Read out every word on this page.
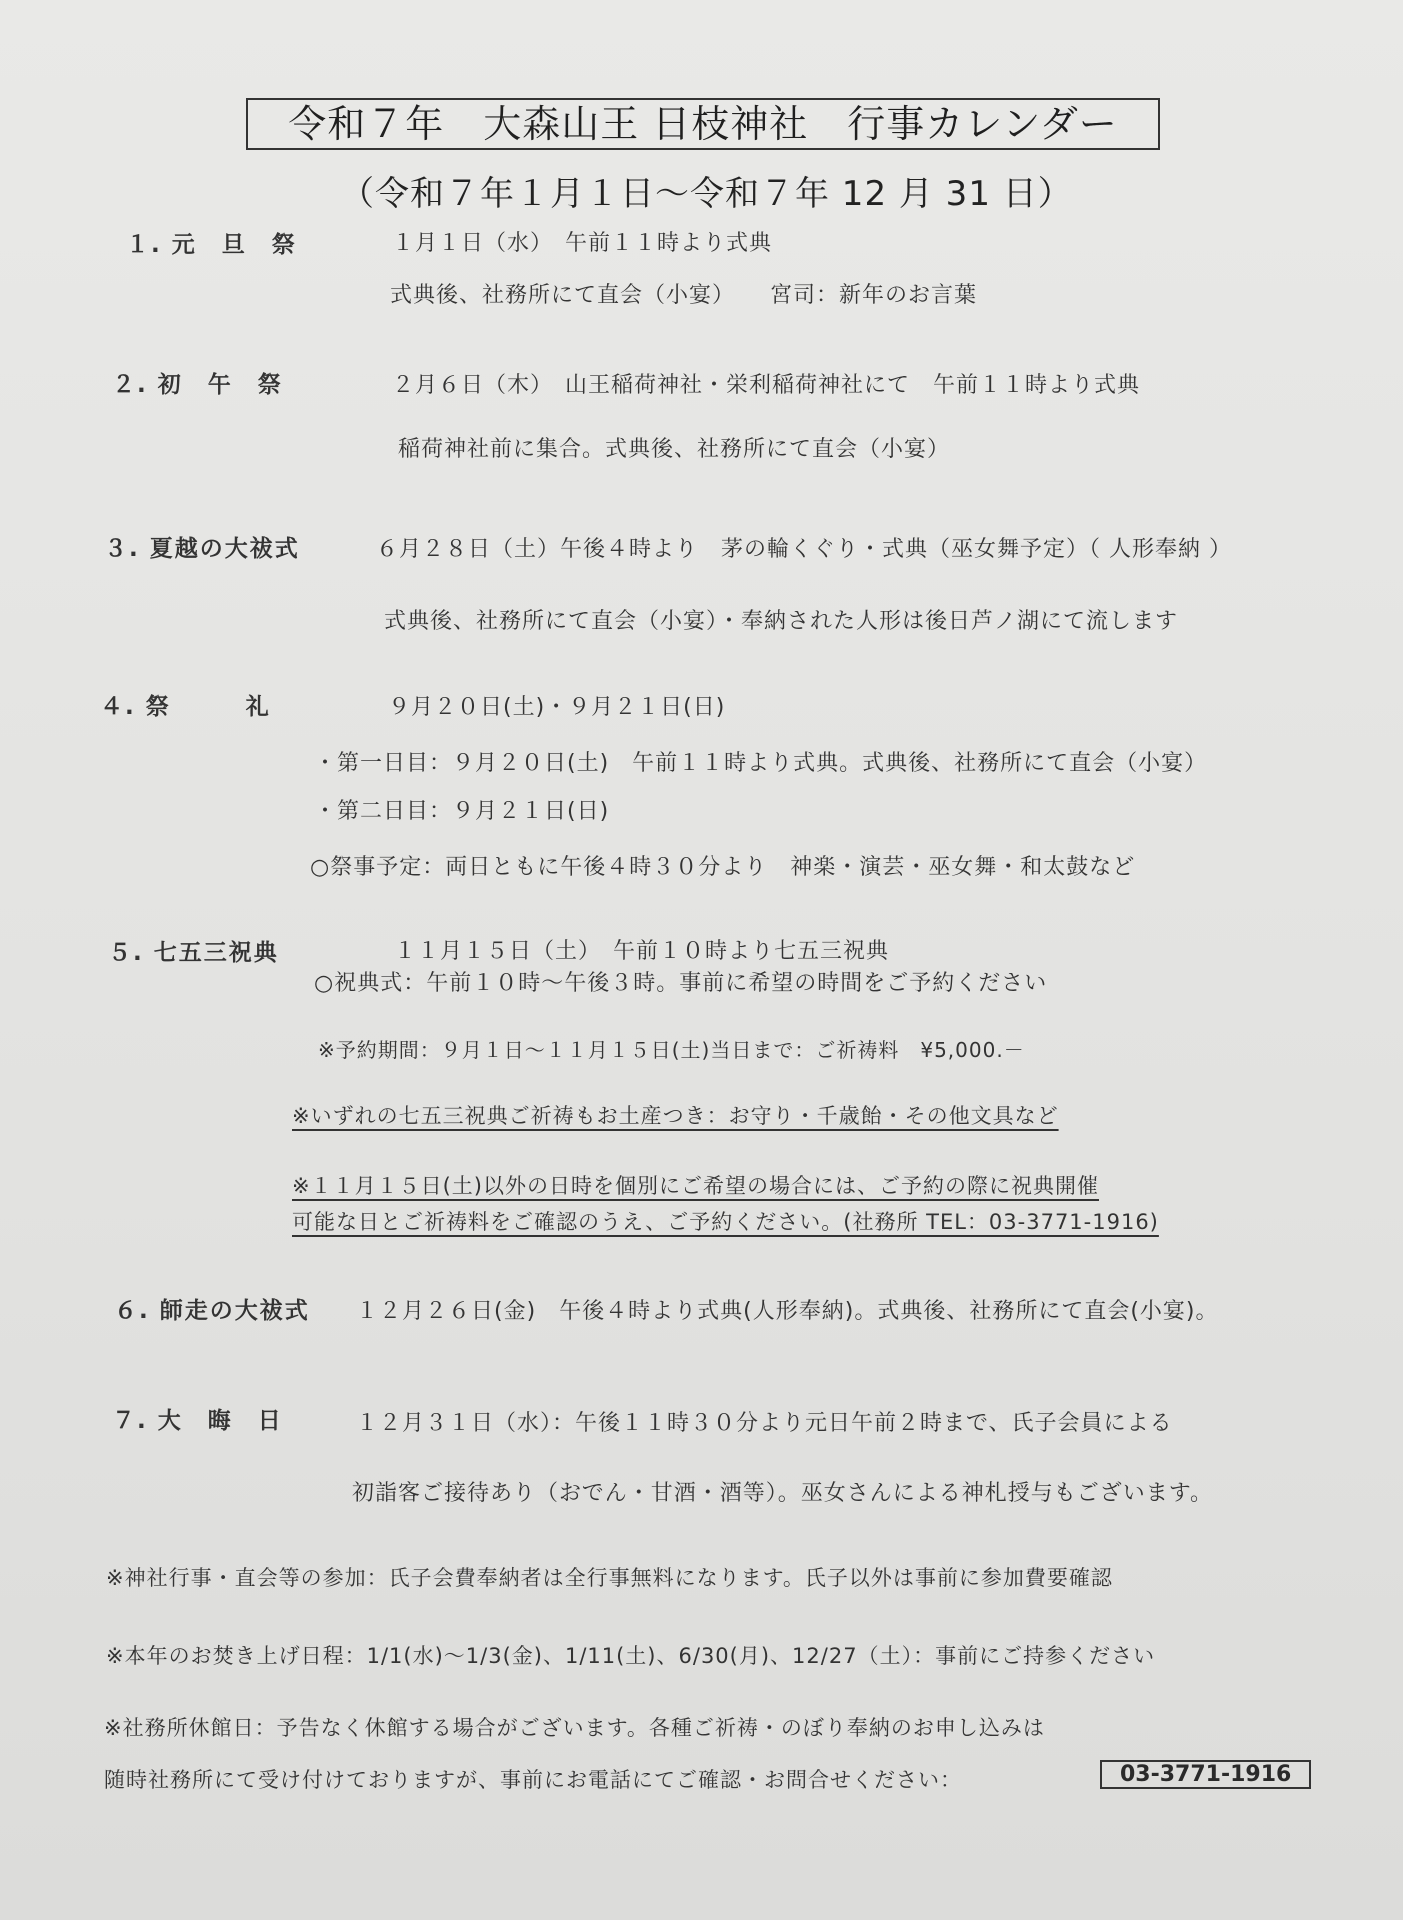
令和７年　大森山王 日枝神社　行事カレンダー
（令和７年１月１日～令和７年 12 月 31 日）
１. 元　旦　祭	１月１日（水）　午前１１時より式典
式典後、社務所にて直会（小宴）　　宮司：新年のお言葉
２. 初　午　祭	２月６日（木）　山王稲荷神社・栄利稲荷神社にて　午前１１時より式典
稲荷神社前に集合。式典後、社務所にて直会（小宴）
３. 夏越の大祓式	６月２８日（土）午後４時より　茅の輪くぐり・式典（巫女舞予定）（ 人形奉納 ）
式典後、社務所にて直会（小宴）・奉納された人形は後日芦ノ湖にて流します
４. 祭　　　礼	９月２０日(土)・９月２１日(日)
・第一日目：９月２０日(土)　午前１１時より式典。式典後、社務所にて直会（小宴）
・第二日目：９月２１日(日)
○祭事予定：両日ともに午後４時３０分より　神楽・演芸・巫女舞・和太鼓など
５. 七五三祝典	１１月１５日（土）　午前１０時より七五三祝典
○祝典式：午前１０時～午後３時。事前に希望の時間をご予約ください
※予約期間：９月１日～１１月１５日(土)当日まで：ご祈祷料　¥5,000.－
※いずれの七五三祝典ご祈祷もお土産つき：お守り・千歳飴・その他文具など
※１１月１５日(土)以外の日時を個別にご希望の場合には、ご予約の際に祝典開催
可能な日とご祈祷料をご確認のうえ、ご予約ください。(社務所 TEL：03-3771-1916)
６. 師走の大祓式 １２月２６日(金)　午後４時より式典(人形奉納)。式典後、社務所にて直会(小宴)。
７. 大　晦　日	１２月３１日（水）：午後１１時３０分より元日午前２時まで、氏子会員による
初詣客ご接待あり（おでん・甘酒・酒等）。巫女さんによる神札授与もございます。
※神社行事・直会等の参加：氏子会費奉納者は全行事無料になります。氏子以外は事前に参加費要確認
※本年のお焚き上げ日程：1/1(水)～1/3(金)、1/11(土)、6/30(月)、12/27（土）：事前にご持参ください
※社務所休館日：予告なく休館する場合がございます。各種ご祈祷・のぼり奉納のお申し込みは
随時社務所にて受け付けておりますが、事前にお電話にてご確認・お問合せください：	03-3771-1916
